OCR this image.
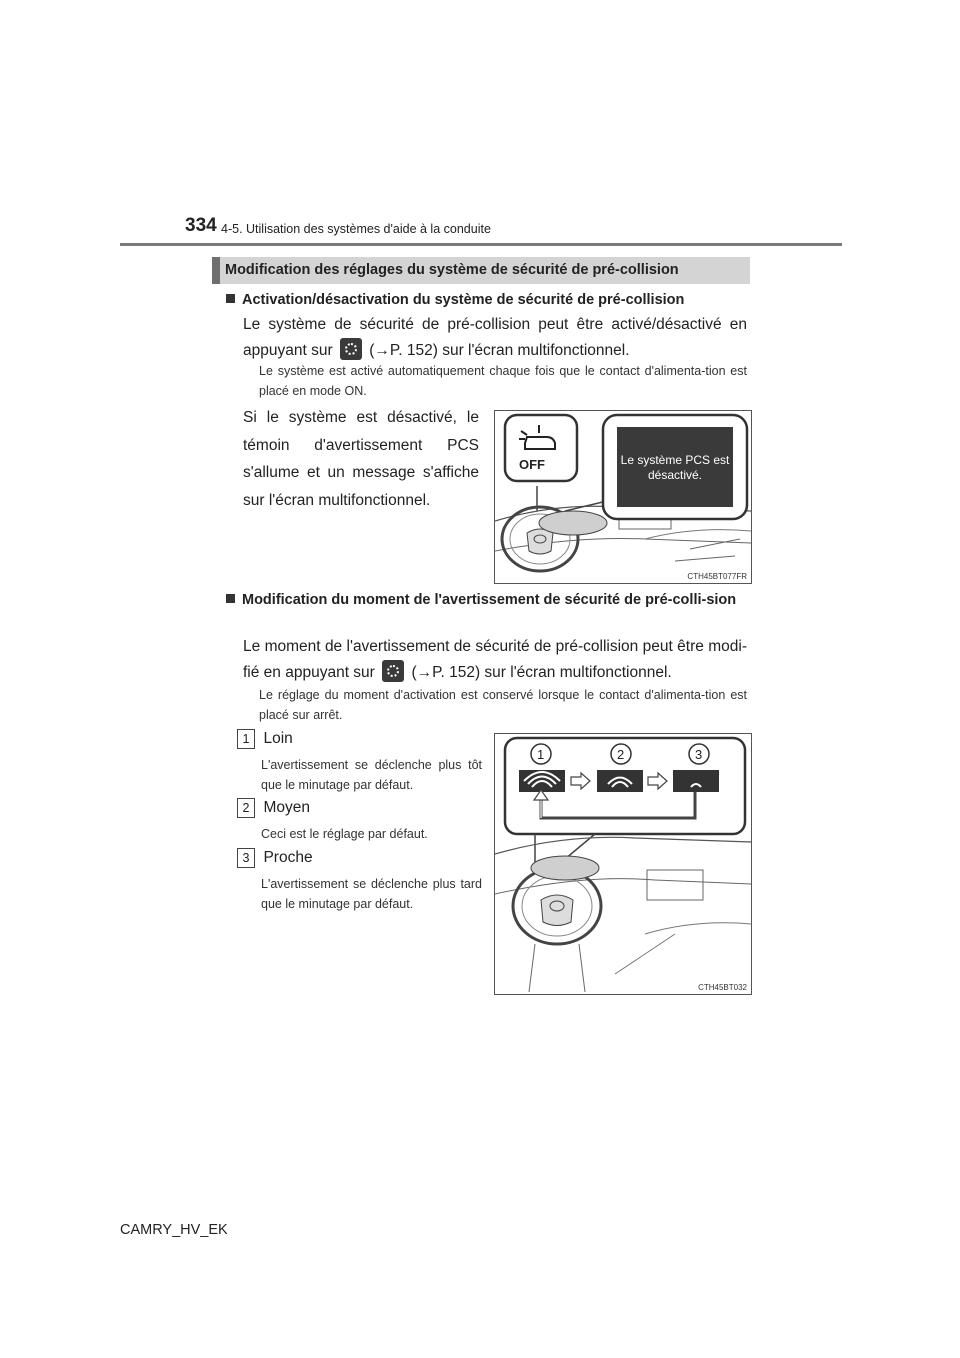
334 4-5. Utilisation des systèmes d'aide à la conduite
Modification des réglages du système de sécurité de pré-collision
Activation/désactivation du système de sécurité de pré-collision
Le système de sécurité de pré-collision peut être activé/désactivé en appuyant sur (→P. 152) sur l'écran multifonctionnel.
Le système est activé automatiquement chaque fois que le contact d'alimenta-tion est placé en mode ON.
Si le système est désactivé, le témoin d'avertissement PCS s'allume et un message s'affiche sur l'écran multifonctionnel.
OFF	Le système PCS est désactivé.
CTH45BT077FR
Modification du moment de l'avertissement de sécurité de pré-colli-sion
Le moment de l'avertissement de sécurité de pré-collision peut être modi-fié en appuyant sur (→P. 152) sur l'écran multifonctionnel.
Le réglage du moment d'activation est conservé lorsque le contact d'alimenta-tion est placé sur arrêt.
1 Loin
L'avertissement se déclenche plus tôt que le minutage par défaut.
2 Moyen
Ceci est le réglage par défaut.
3 Proche
L'avertissement se déclenche plus tard que le minutage par défaut.
1	2	3
CTH45BT032
CAMRY_HV_EK
